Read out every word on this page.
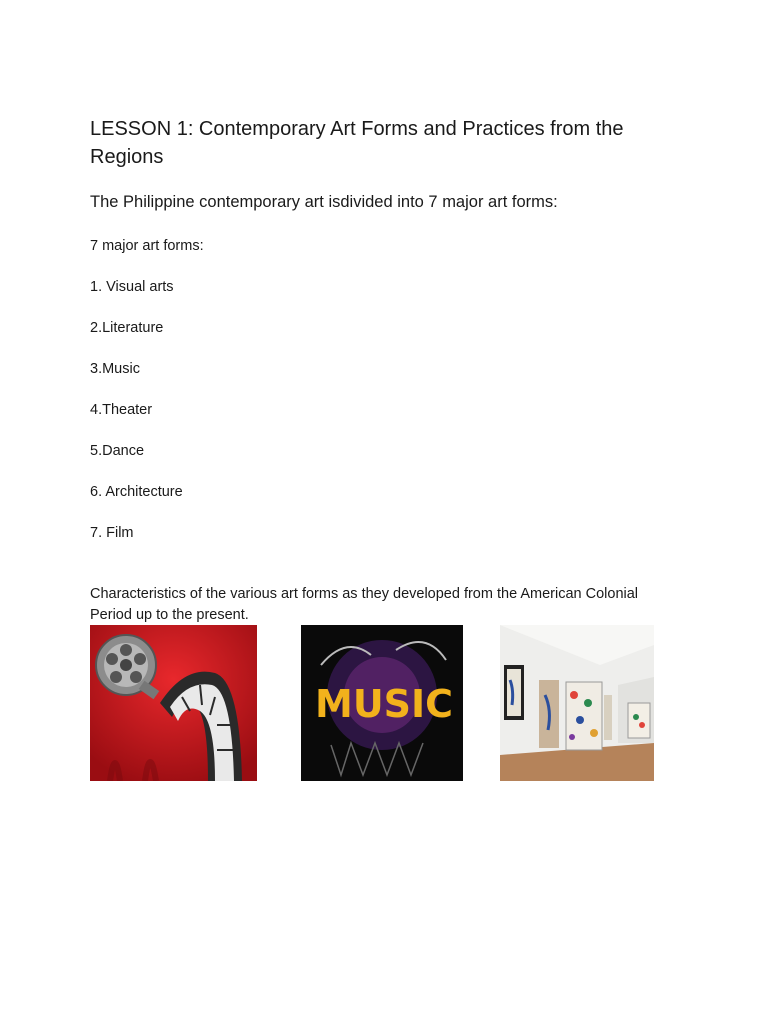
LESSON 1: Contemporary Art Forms and Practices from the Regions

The Philippine contemporary art isdivided into 7 major art forms:

7 major art forms:

1. Visual arts

2.Literature

3.Music

4.Theater

5.Dance

6. Architecture

7. Film

Characteristics of the various art forms as they developed from the American Colonial Period up to the present.

MUSIC
